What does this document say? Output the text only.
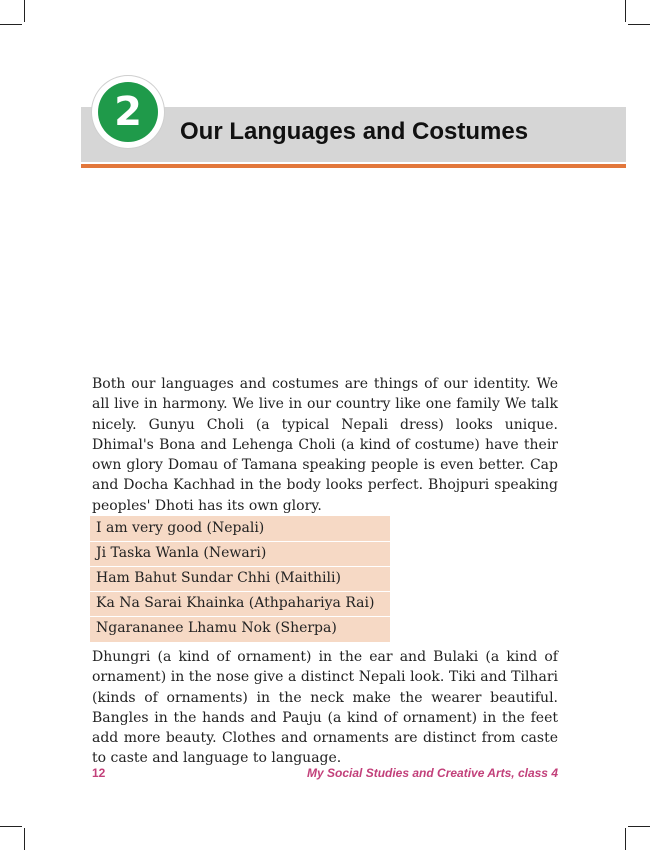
2	Our Languages and Costumes

Both our languages and costumes are things of our identity. We all live in harmony. We live in our country like one family We talk nicely. Gunyu Choli (a typical Nepali dress) looks unique. Dhimal's Bona and Lehenga Choli (a kind of costume) have their own glory Domau of Tamana speaking people is even better. Cap and Docha Kachhad in the body looks perfect. Bhojpuri speaking peoples' Dhoti has its own glory.

I am very good (Nepali)
Ji Taska Wanla (Newari)
Ham Bahut Sundar Chhi (Maithili)
Ka Na Sarai Khainka (Athpahariya Rai)
Ngarananee Lhamu Nok (Sherpa)

Dhungri (a kind of ornament) in the ear and Bulaki (a kind of ornament) in the nose give a distinct Nepali look. Tiki and Tilhari (kinds of ornaments) in the neck make the wearer beautiful. Bangles in the hands and Pauju (a kind of ornament) in the feet add more beauty. Clothes and ornaments are distinct from caste to caste and language to language.

12	My Social Studies and Creative Arts, class 4
